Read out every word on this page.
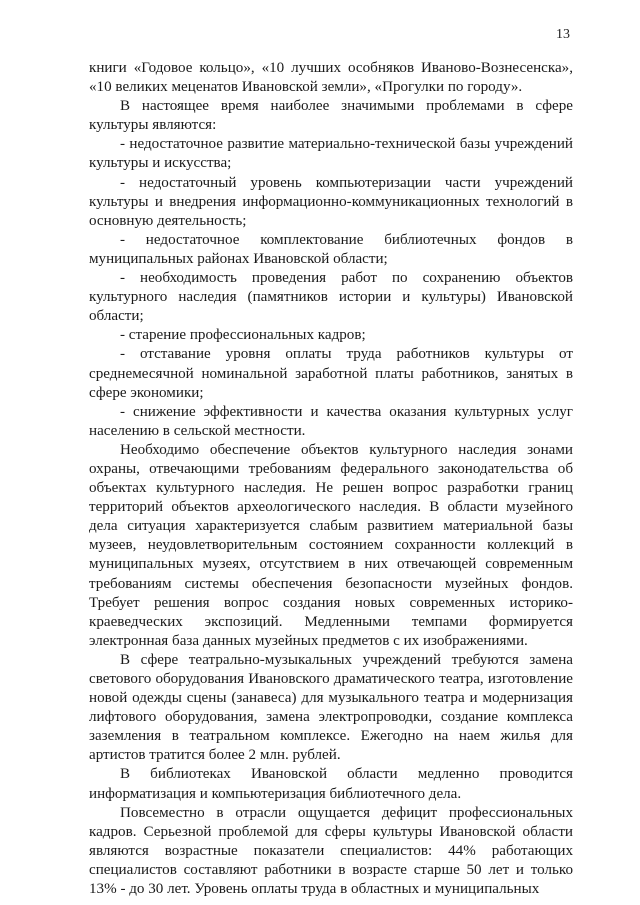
13

книги «Годовое кольцо», «10 лучших особняков Иваново-Вознесенска», «10 великих меценатов Ивановской земли», «Прогулки по городу».

В настоящее время наиболее значимыми проблемами в сфере культуры являются:

- недостаточное развитие материально-технической базы учреждений культуры и искусства;

- недостаточный уровень компьютеризации части учреждений культуры и внедрения информационно-коммуникационных технологий в основную деятельность;

- недостаточное комплектование библиотечных фондов в муниципальных районах Ивановской области;

- необходимость проведения работ по сохранению объектов культурного наследия (памятников истории и культуры) Ивановской области;

- старение профессиональных кадров;

- отставание уровня оплаты труда работников культуры от среднемесячной номинальной заработной платы работников, занятых в сфере экономики;

- снижение эффективности и качества оказания культурных услуг населению в сельской местности.

Необходимо обеспечение объектов культурного наследия зонами охраны, отвечающими требованиям федерального законодательства об объектах культурного наследия. Не решен вопрос разработки границ территорий объектов археологического наследия. В области музейного дела ситуация характеризуется слабым развитием материальной базы музеев, неудовлетворительным состоянием сохранности коллекций в муниципальных музеях, отсутствием в них отвечающей современным требованиям системы обеспечения безопасности музейных фондов. Требует решения вопрос создания новых современных историко-краеведческих экспозиций. Медленными темпами формируется электронная база данных музейных предметов с их изображениями.

В сфере театрально-музыкальных учреждений требуются замена светового оборудования Ивановского драматического театра, изготовление новой одежды сцены (занавеса) для музыкального театра и модернизация лифтового оборудования, замена электропроводки, создание комплекса заземления в театральном комплексе. Ежегодно на наем жилья для артистов тратится более 2 млн. рублей.

В библиотеках Ивановской области медленно проводится информатизация и компьютеризация библиотечного дела.

Повсеместно в отрасли ощущается дефицит профессиональных кадров. Серьезной проблемой для сферы культуры Ивановской области являются возрастные показатели специалистов: 44% работающих специалистов составляют работники в возрасте старше 50 лет и только 13% - до 30 лет. Уровень оплаты труда в областных и муниципальных
